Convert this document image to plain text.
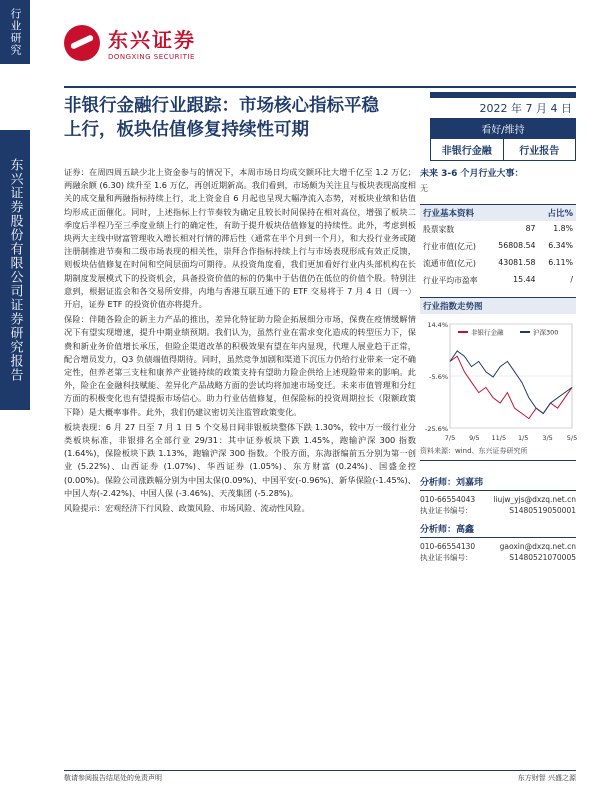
行业研究
东兴证券股份有限公司证券研究报告
东兴证券
DONGXING SECURITIE
非银行金融行业跟踪：市场核心指标平稳上行，板块估值修复持续性可期
2022 年 7 月 4 日
看好/维持
非银行金融	行业报告

证券：在周四周五缺少北上资金参与的情况下，本周市场日均成交额环比大增千亿至 1.2 万亿；两融余额 (6.30) 续升至 1.6 万亿，再创近期新高。我们看到，市场颇为关注且与板块表现高度相关的成交量和两融指标持续上行，北上资金自 6 月起也呈现大幅净流入态势，对板块业绩和估值均形成正面催化。同时，上述指标上行节奏较为确定且较长时间保持在相对高位，增强了板块二季度后半程乃至三季度业绩上行的确定性，有助于提升板块估值修复的持续性。此外，考虑到板块两大主线中财富管理收入增长相对行情的滞后性（通常在半个月到一个月），和大投行业务或随注册制推进节奏和二级市场表现的相关性，崇拜合作指标持续上行与市场表现形成有效正反馈，则板块估值修复在时间和空间层面均可期待。从投资角度看，我们更加看好行业内头部机构在长期制度发展模式下的投资机会，具备投资价值的标的仍集中于估值仍在低位的价值个股。特别注意到，根据证监会和各交易所安排，内地与香港互联互通下的 ETF 交易将于 7 月 4 日（周一）开启，证券 ETF 的投资价值亦将提升。

保险：伴随各险企的新主力产品的推出，差异化特征助力险企拓展细分市场，保费在疫情缓解情况下有望实现增速，提升中期业绩预期。我们认为，虽然行业在需求变化造成的转型压力下，保费和新业务价值增长承压，但险企渠道改革的积极效果有望在年内显现，代理人展业趋于正常，配合增员发力，Q3 负债端值得期待。同时，虽然竞争加剧和渠道下沉压力仍给行业带来一定不确定性，但养老第三支柱和康养产业链持续的政策支持有望助力险企供给上述现险带来的影响。此外，险企在金融科技赋能、差异化产品战略方面的尝试均将加速市场变迁。未来市值管理和分红方面的积极变化也有望提振市场信心。助力行业估值修复，但保险标的投资周期拉长（限额政策下降）是大概率事件。此外，我们仍建议密切关注监管政策变化。

板块表现：6 月 27 日至 7 月 1 日 5 个交易日间非银板块整体下跌 1.30%，较中万一级行业分类板块标准，非银排名全部行业 29/31：其中证券板块下跌 1.45%，跑输沪深 300 指数 (1.64%)，保险板块下跌 1.13%，跑输沪深 300 指数。个股方面，东海浙编前五分别为第一创业 (5.22%)、山西证券 (1.07%)、华西证券 (1.05%)、东方财富 (0.24%)、国盛金控 (0.00%)。保险公司涨跌幅分别为中国太保(0.09%)、中国平安(-0.96%)、新华保险(-1.45%)、中国人寿(-2.42%)、中国人保 (-3.46%)、天茂集团 (-5.28%)。

风险提示：宏观经济下行风险、政策风险、市场风险、流动性风险。

未来 3-6 个月行业大事：
无
行业基本资料	占比%
股票家数	87	1.8%
行业市值(亿元)	56808.54	6.34%
流通市值(亿元)	43081.58	6.11%
行业平均市盈率	15.44	/
行业指数走势图
14.4%
-5.6%
-25.6%
7/5 9/5 11/5 1/5 3/5 5/5
非银行金融	沪深300
资料来源：wind、东兴证券研究所
分析师：刘嘉玮
010-66554043 liujw_yjs@dxzq.net.cn
执业证书编号：	S1480519050001
分析师：高鑫
010-66554130	gaoxin@dxzq.net.cn
执业证书编号：	S1480521070005
敬请参阅报告结尾处的免责声明	东方财智 兴盛之源
